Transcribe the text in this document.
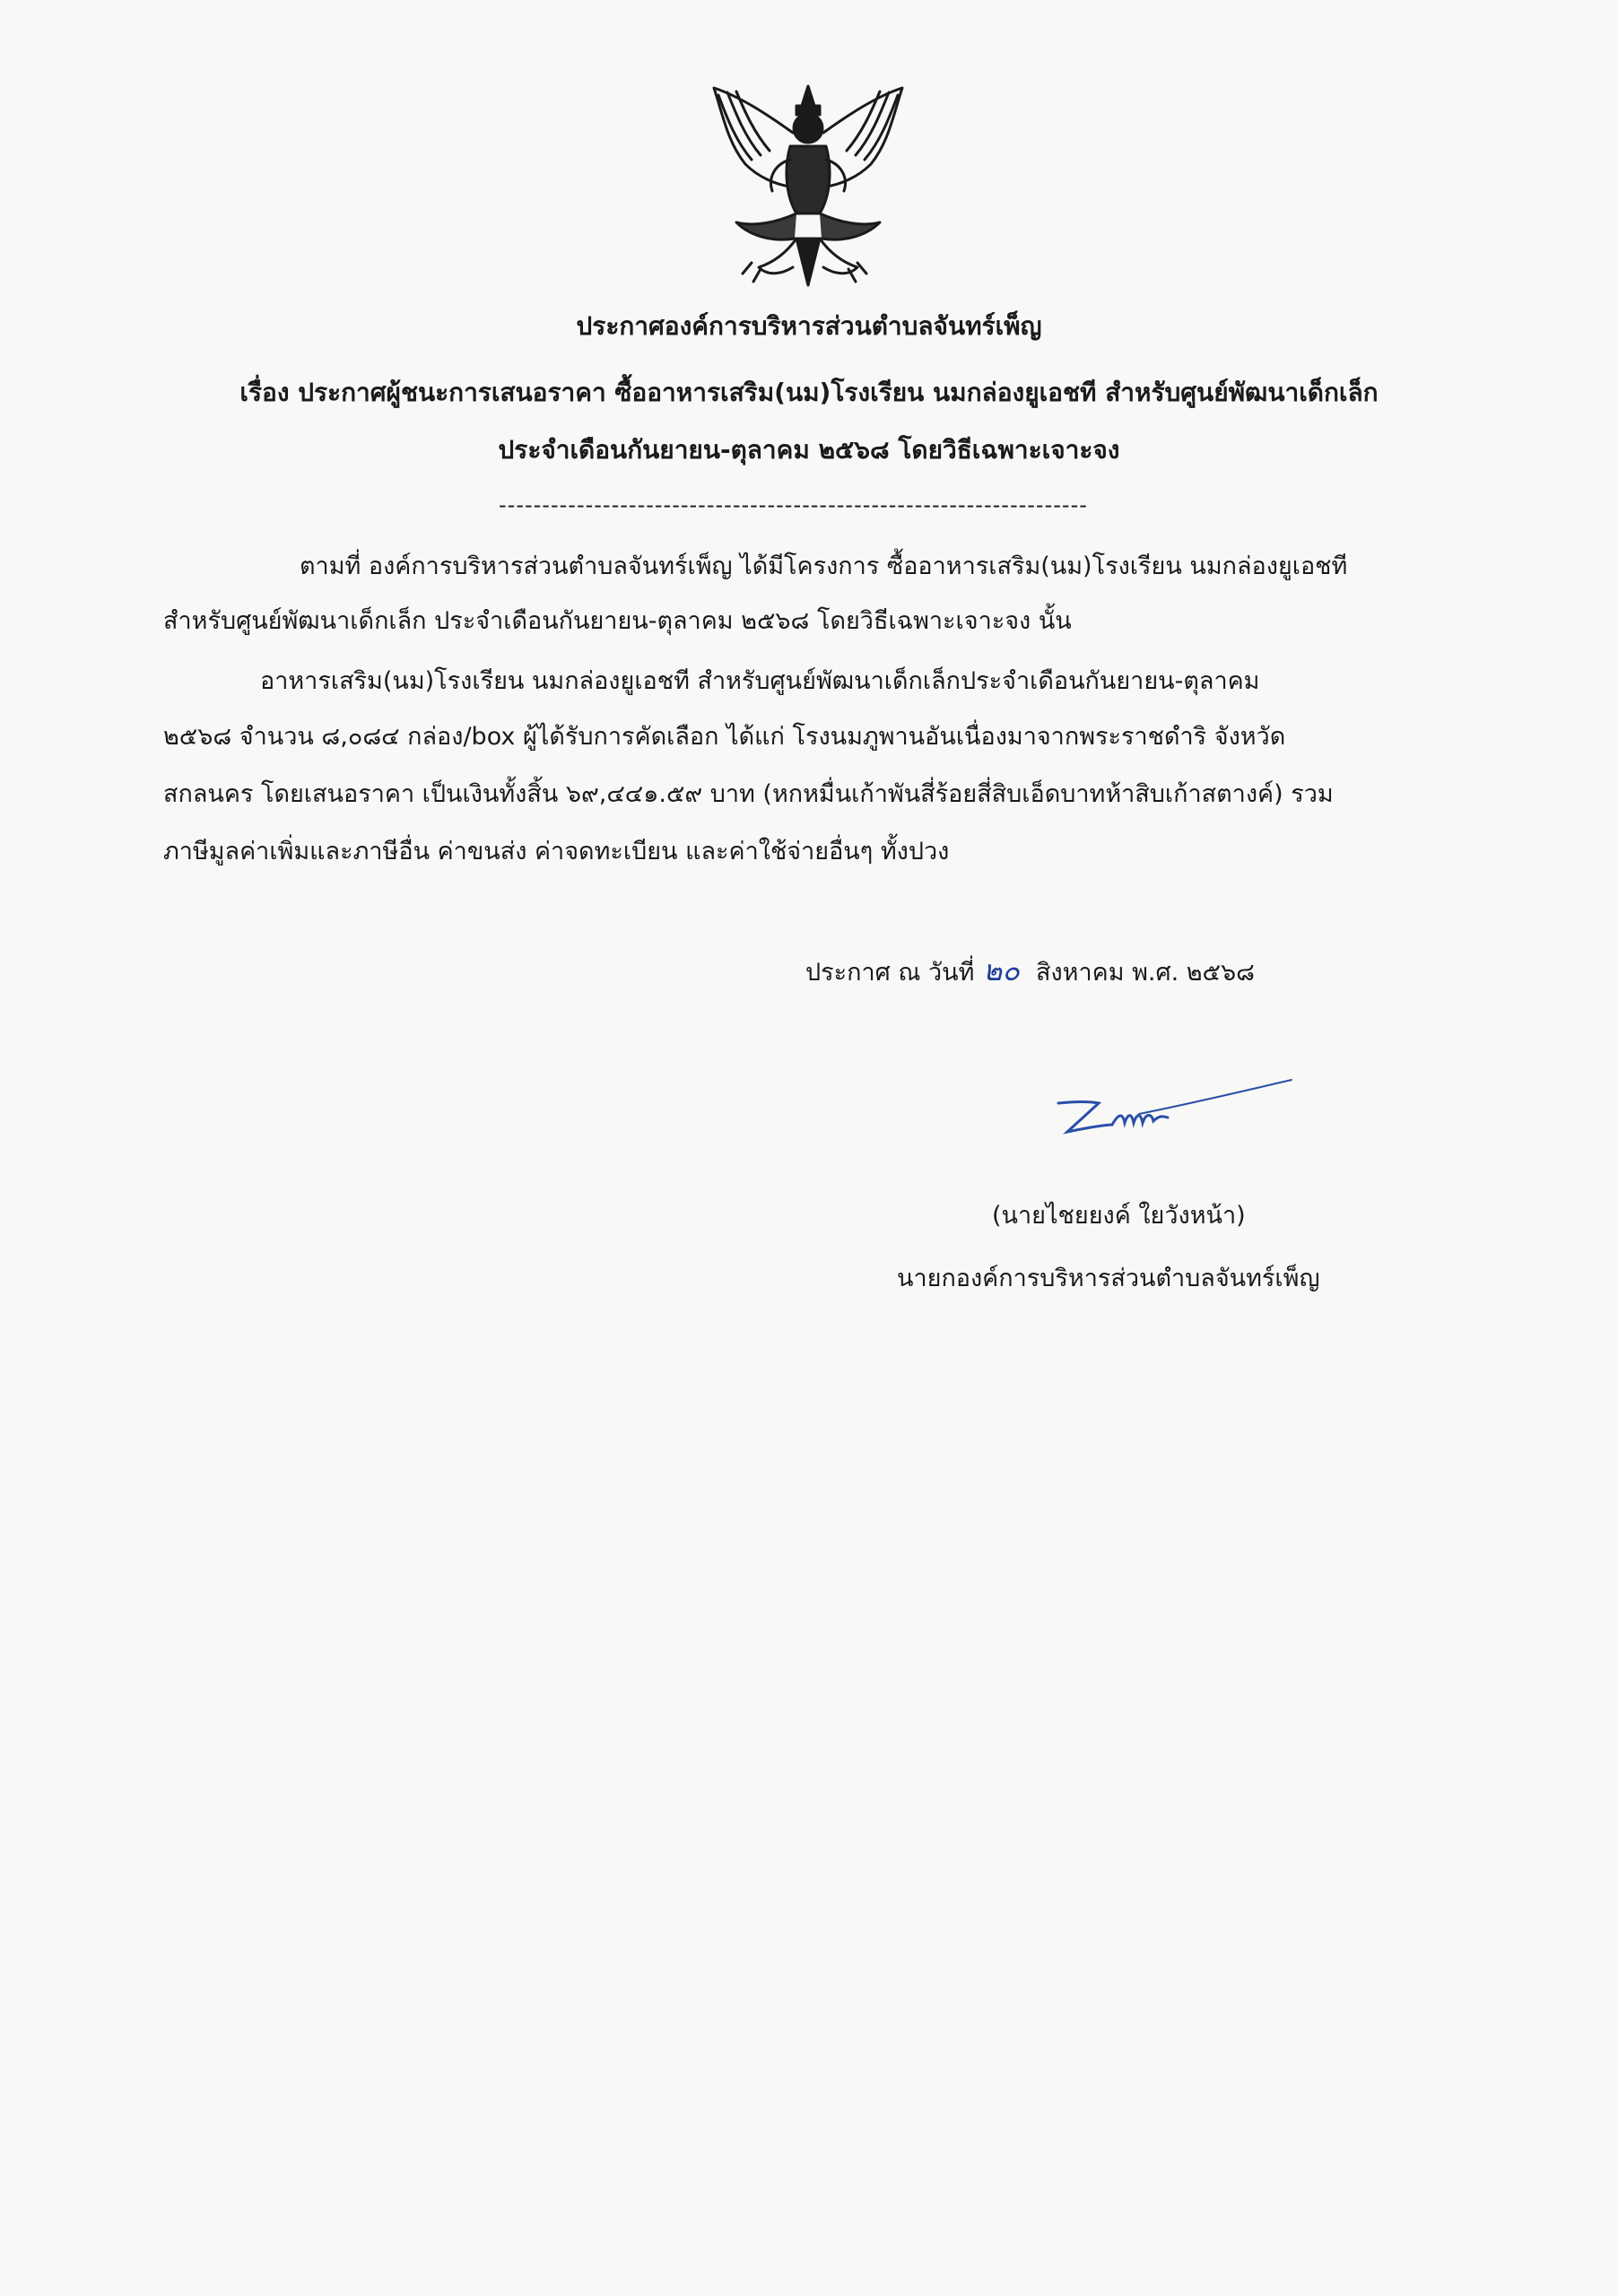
ประกาศองค์การบริหารส่วนตำบลจันทร์เพ็ญ
เรื่อง ประกาศผู้ชนะการเสนอราคา ซื้ออาหารเสริม(นม)โรงเรียน นมกล่องยูเอชที สำหรับศูนย์พัฒนาเด็กเล็ก
ประจำเดือนกันยายน-ตุลาคม ๒๕๖๘ โดยวิธีเฉพาะเจาะจง
--------------------------------------------------------------------
ตามที่ องค์การบริหารส่วนตำบลจันทร์เพ็ญ ได้มีโครงการ ซื้ออาหารเสริม(นม)โรงเรียน นมกล่องยูเอชที
สำหรับศูนย์พัฒนาเด็กเล็ก ประจำเดือนกันยายน-ตุลาคม ๒๕๖๘ โดยวิธีเฉพาะเจาะจง นั้น
อาหารเสริม(นม)โรงเรียน นมกล่องยูเอชที สำหรับศูนย์พัฒนาเด็กเล็กประจำเดือนกันยายน-ตุลาคม
๒๕๖๘ จำนวน ๘,๐๘๔ กล่อง/box ผู้ได้รับการคัดเลือก ได้แก่ โรงนมภูพานอันเนื่องมาจากพระราชดำริ จังหวัด
สกลนคร โดยเสนอราคา เป็นเงินทั้งสิ้น ๖๙,๔๔๑.๕๙ บาท (หกหมื่นเก้าพันสี่ร้อยสี่สิบเอ็ดบาทห้าสิบเก้าสตางค์) รวม
ภาษีมูลค่าเพิ่มและภาษีอื่น ค่าขนส่ง ค่าจดทะเบียน และค่าใช้จ่ายอื่นๆ ทั้งปวง
ประกาศ ณ วันที่ ๒๐ สิงหาคม พ.ศ. ๒๕๖๘
(นายไชยยงค์ ใยวังหน้า)
นายกองค์การบริหารส่วนตำบลจันทร์เพ็ญ
